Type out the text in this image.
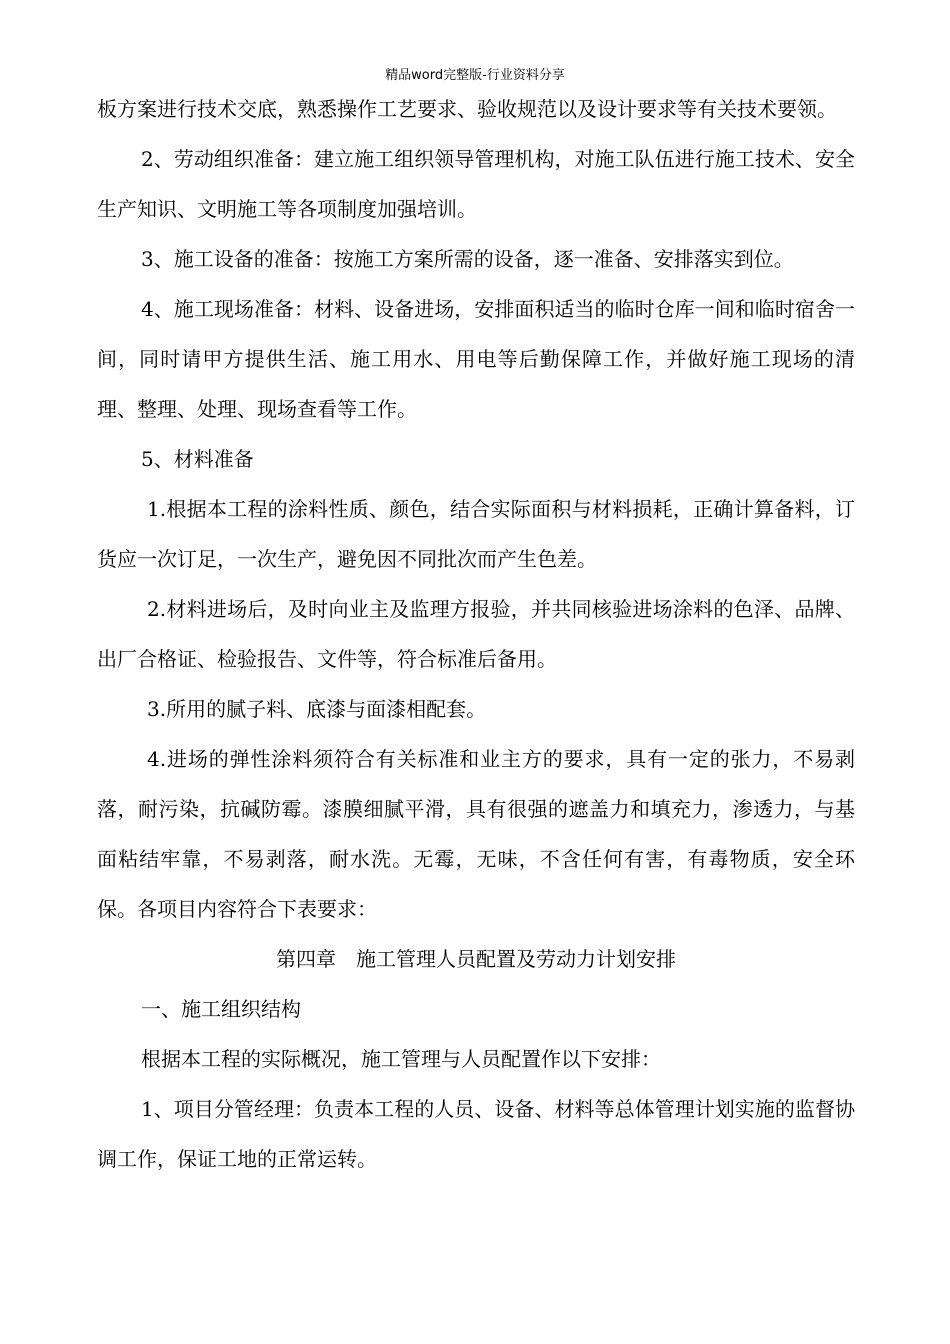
精品word完整版-行业资料分享

板方案进行技术交底，熟悉操作工艺要求、验收规范以及设计要求等有关技术要领。

2、劳动组织准备：建立施工组织领导管理机构，对施工队伍进行施工技术、安全生产知识、文明施工等各项制度加强培训。

3、施工设备的准备：按施工方案所需的设备，逐一准备、安排落实到位。

4、施工现场准备：材料、设备进场，安排面积适当的临时仓库一间和临时宿舍一间，同时请甲方提供生活、施工用水、用电等后勤保障工作，并做好施工现场的清理、整理、处理、现场查看等工作。

5、材料准备

1.根据本工程的涂料性质、颜色，结合实际面积与材料损耗，正确计算备料，订货应一次订足，一次生产，避免因不同批次而产生色差。

2.材料进场后，及时向业主及监理方报验，并共同核验进场涂料的色泽、品牌、出厂合格证、检验报告、文件等，符合标准后备用。

3.所用的腻子料、底漆与面漆相配套。

4.进场的弹性涂料须符合有关标准和业主方的要求，具有一定的张力，不易剥落，耐污染，抗碱防霉。漆膜细腻平滑，具有很强的遮盖力和填充力，渗透力，与基面粘结牢靠，不易剥落，耐水洗。无霉，无味，不含任何有害，有毒物质，安全环保。各项目内容符合下表要求：

第四章　施工管理人员配置及劳动力计划安排

一、施工组织结构

根据本工程的实际概况，施工管理与人员配置作以下安排：

1、项目分管经理：负责本工程的人员、设备、材料等总体管理计划实施的监督协调工作，保证工地的正常运转。
